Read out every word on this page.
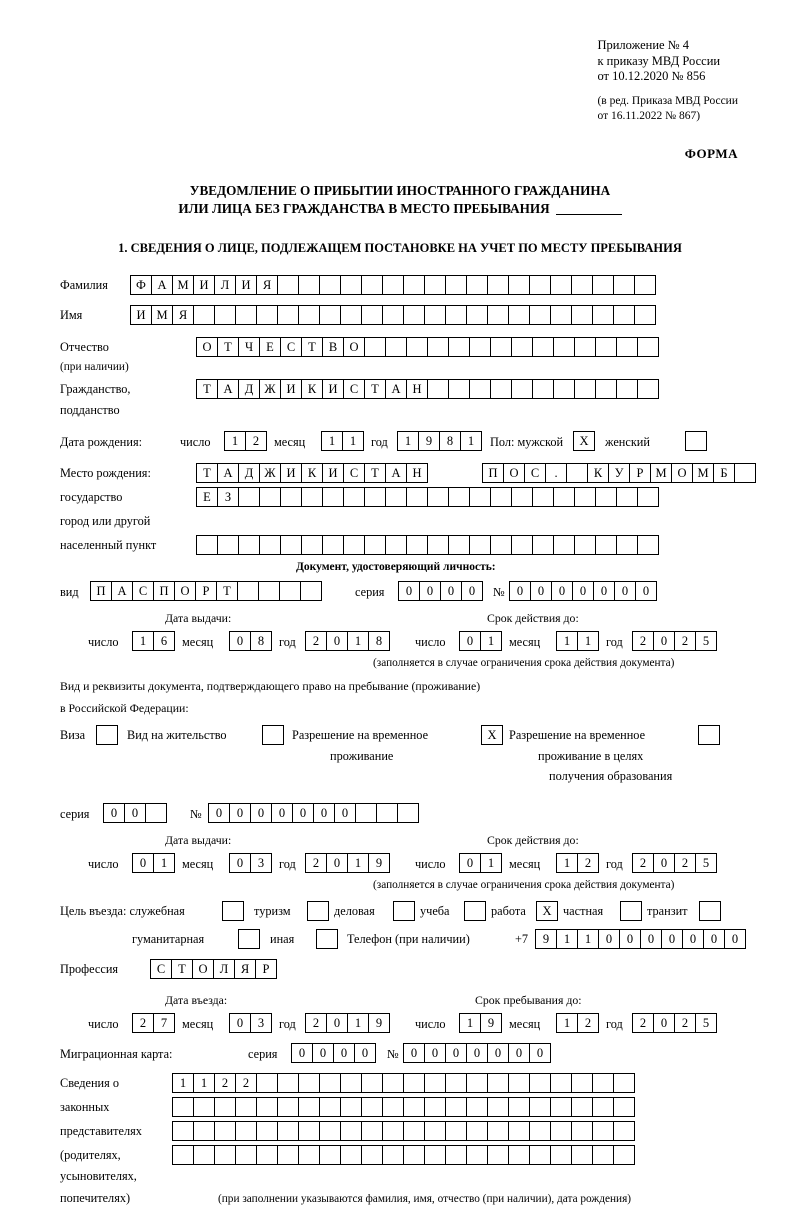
Приложение № 4
к приказу МВД России
от 10.12.2020 № 856
(в ред. Приказа МВД России
от 16.11.2022 № 867)
ФОРМА
УВЕДОМЛЕНИЕ О ПРИБЫТИИ ИНОСТРАННОГО ГРАЖДАНИНА
ИЛИ ЛИЦА БЕЗ ГРАЖДАНСТВА В МЕСТО ПРЕБЫВАНИЯ
1. СВЕДЕНИЯ О ЛИЦЕ, ПОДЛЕЖАЩЕМ ПОСТАНОВКЕ НА УЧЕТ ПО МЕСТУ ПРЕБЫВАНИЯ
Фамилия	Ф А М И Л И Я
Имя	И М Я
Отчество	О	Т	Ч	Е	С	Т	В О
(при наличии)
Гражданство,	Т	А Д Ж И К И С	Т	А Н
подданство
Дата рождения:	число	1	2	месяц	1	1	год	1	9	8	1	Пол: мужской	X	женский
Место рождения:	Т	А Д Ж И К И С	Т	А Н	П О С	.	К У	Р М О М Б
государство	Е	З
город или другой
населенный пункт
Документ, удостоверяющий личность:
вид	П А С П О	Р	Т	серия	0	0	0	0	№ 0	0	0	0	0	0	0
Дата выдачи:	Срок действия до:
число	1	6	месяц	0	8	год	2	0	1	8	число	0	1	месяц	1	1	год	2	0	2	5
(заполняется в случае ограничения срока действия документа)
Вид и реквизиты документа, подтверждающего право на пребывание (проживание)
в Российской Федерации:
Виза	Вид на жительство	Разрешение на временное	X	Разрешение на временное
проживание	проживание в целях
получения образования
серия	0	0	№	0	0	0	0	0	0	0
Дата выдачи:	Срок действия до:
число	0	1	месяц	0	3	год	2	0	1	9	число	0	1	месяц	1	2	год	2	0	2	5
(заполняется в случае ограничения срока действия документа)
Цель въезда: служебная	туризм	деловая	учеба	работа	X частная	транзит
гуманитарная	иная	Телефон (при наличии)	+7	9	1	1	0	0	0	0	0	0	0
Профессия	С	Т	О Л	Я	Р
Дата въезда:	Срок пребывания до:
число	2	7	месяц	0	3	год	2	0	1	9	число	1	9	месяц	1	2	год	2	0	2	5
Миграционная карта:	серия	0	0	0	0	№ 0	0	0	0	0	0	0
Сведения о	1	1	2	2
законных
представителях
(родителях,
усыновителях,
попечителях)	(при заполнении указываются фамилия, имя, отчество (при наличии), дата рождения)
